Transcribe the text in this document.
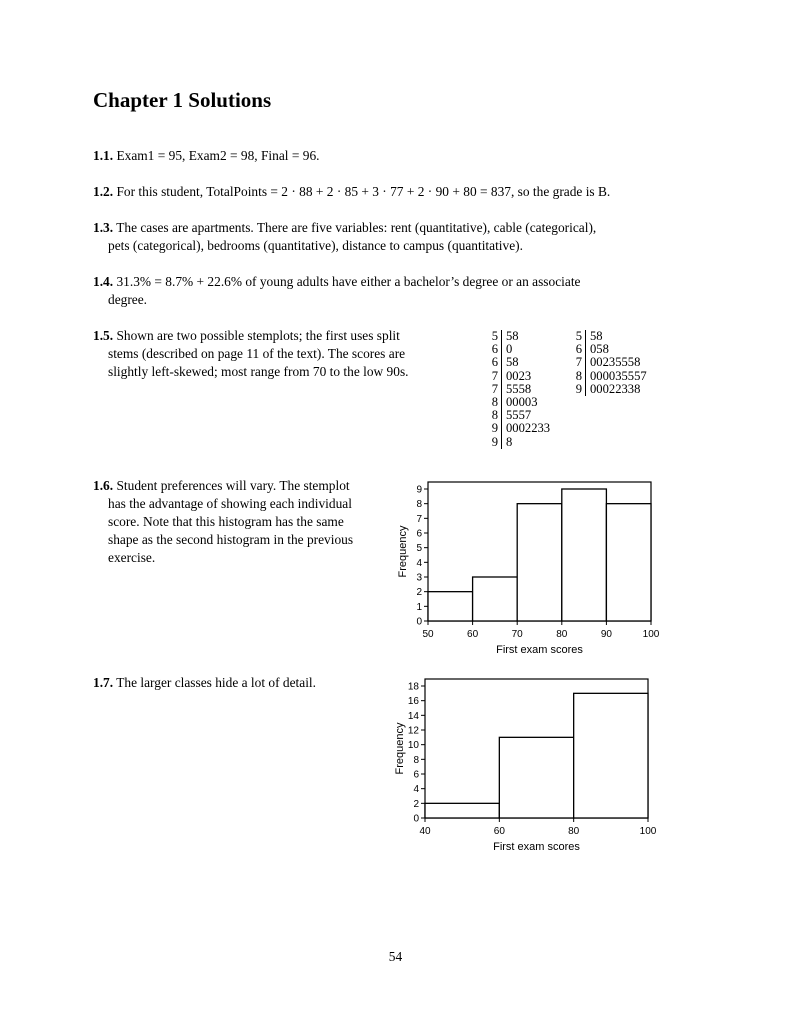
Chapter 1 Solutions
1.1. Exam1 = 95, Exam2 = 98, Final = 96.
1.2. For this student, TotalPoints = 2 · 88 + 2 · 85 + 3 · 77 + 2 · 90 + 80 = 837, so the grade is B.
1.3. The cases are apartments. There are five variables: rent (quantitative), cable (categorical),
pets (categorical), bedrooms (quantitative), distance to campus (quantitative).
1.4. 31.3% = 8.7% + 22.6% of young adults have either a bachelor’s degree or an associate
degree.
1.5. Shown are two possible stemplots; the first uses split
stems (described on page 11 of the text). The scores are
slightly left-skewed; most range from 70 to the low 90s.
5 58
6 0
6 58
7 0023
7 5558
8 00003
8 5557
9 0002233
9 8
5 58
6 058
7 00235558
8 000035557
9 00022338
1.6. Student preferences will vary. The stemplot
has the advantage of showing each individual
score. Note that this histogram has the same
shape as the second histogram in the previous
exercise.
1.7. The larger classes hide a lot of detail.
0
1
2
3
4
5
6
7
8
9
50	60	70	80	90	100
First exam scores
Frequency
0
2
4
6
8
10
12
14
16
18
40	60	80	100
First exam scores
Frequency
54
